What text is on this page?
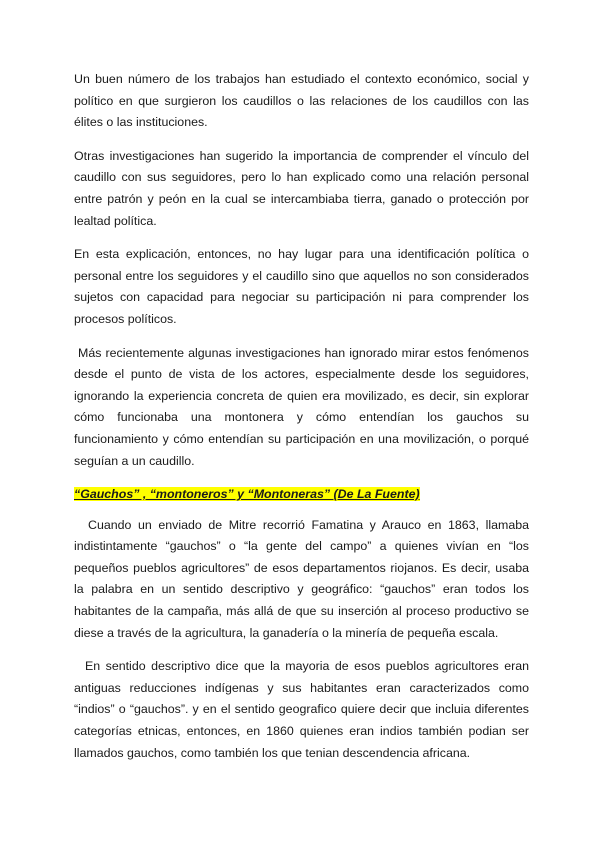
Un buen número de los trabajos han estudiado el contexto económico, social y político en que surgieron los caudillos o las relaciones de los caudillos con las élites o las instituciones.

Otras investigaciones han sugerido la importancia de comprender el vínculo del caudillo con sus seguidores, pero lo han explicado como una relación personal entre patrón y peón en la cual se intercambiaba tierra, ganado o protección por lealtad política.

En esta explicación, entonces, no hay lugar para una identificación política o personal entre los seguidores y el caudillo sino que aquellos no son considerados sujetos con capacidad para negociar su participación ni para comprender los procesos políticos.

Más recientemente algunas investigaciones han ignorado mirar estos fenómenos desde el punto de vista de los actores, especialmente desde los seguidores, ignorando la experiencia concreta de quien era movilizado, es decir, sin explorar cómo funcionaba una montonera y cómo entendían los gauchos su funcionamiento y cómo entendían su participación en una movilización, o porqué seguían a un caudillo.

“Gauchos” , “montoneros” y “Montoneras” (De La Fuente)

Cuando un enviado de Mitre recorrió Famatina y Arauco en 1863, llamaba indistintamente “gauchos” o “la gente del campo” a quienes vivían en “los pequeños pueblos agricultores” de esos departamentos riojanos. Es decir, usaba la palabra en un sentido descriptivo y geográfico: “gauchos” eran todos los habitantes de la campaña, más allá de que su inserción al proceso productivo se diese a través de la agricultura, la ganadería o la minería de pequeña escala.

En sentido descriptivo dice que la mayoria de esos pueblos agricultores eran antiguas reducciones indígenas y sus habitantes eran caracterizados como “indios” o “gauchos”. y en el sentido geografico quiere decir que incluia diferentes categorías etnicas, entonces, en 1860 quienes eran indios también podian ser llamados gauchos, como también los que tenian descendencia africana.
